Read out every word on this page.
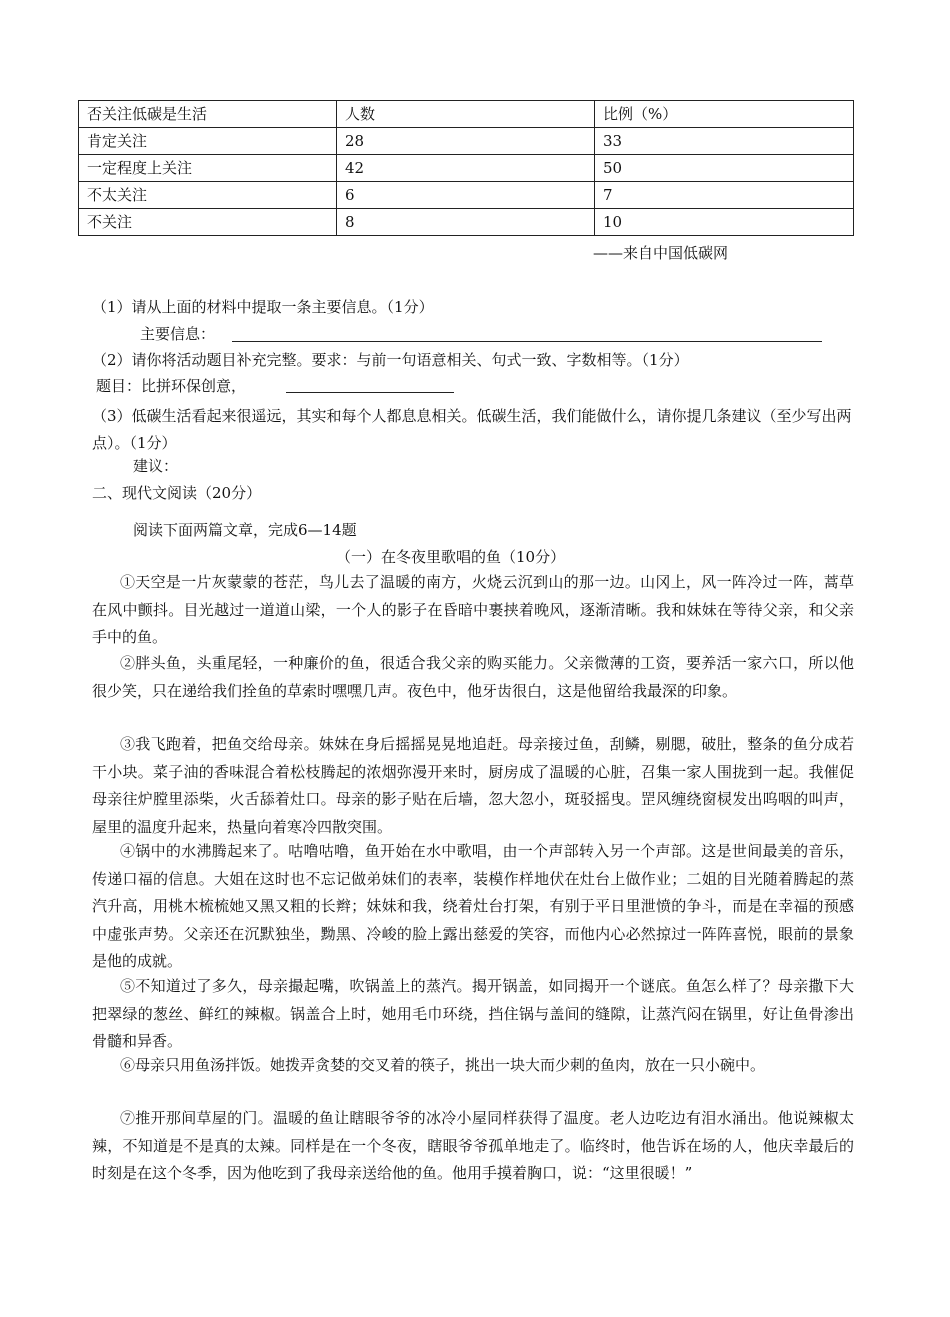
否关注低碳是生活	人数	比例（%）
肯定关注	28	33
一定程度上关注	42	50
不太关注	6	7
不关注	8	10
——来自中国低碳网
（1）请从上面的材料中提取一条主要信息。（1分）
主要信息：
（2）请你将活动题目补充完整。要求：与前一句语意相关、句式一致、字数相等。（1分）
题目：比拼环保创意，
（3）低碳生活看起来很遥远，其实和每个人都息息相关。低碳生活，我们能做什么，请你提几条建议（至少写出两点）。（1分）
建议：
二、现代文阅读（20分）
阅读下面两篇文章，完成6—14题
（一）在冬夜里歌唱的鱼（10分）
①天空是一片灰蒙蒙的苍茫，鸟儿去了温暖的南方，火烧云沉到山的那一边。山冈上，风一阵冷过一阵，蒿草在风中颤抖。目光越过一道道山梁，一个人的影子在昏暗中裹挟着晚风，逐渐清晰。我和妹妹在等待父亲，和父亲手中的鱼。
②胖头鱼，头重尾轻，一种廉价的鱼，很适合我父亲的购买能力。父亲微薄的工资，要养活一家六口，所以他很少笑，只在递给我们拴鱼的草索时嘿嘿几声。夜色中，他牙齿很白，这是他留给我最深的印象。
③我飞跑着，把鱼交给母亲。妹妹在身后摇摇晃晃地追赶。母亲接过鱼，刮鳞，剔腮，破肚，整条的鱼分成若干小块。菜子油的香味混合着松枝腾起的浓烟弥漫开来时，厨房成了温暖的心脏，召集一家人围拢到一起。我催促母亲往炉膛里添柴，火舌舔着灶口。母亲的影子贴在后墙，忽大忽小，斑驳摇曳。罡风缠绕窗棂发出呜咽的叫声，屋里的温度升起来，热量向着寒冷四散突围。
④锅中的水沸腾起来了。咕噜咕噜，鱼开始在水中歌唱，由一个声部转入另一个声部。这是世间最美的音乐，传递口福的信息。大姐在这时也不忘记做弟妹们的表率，装模作样地伏在灶台上做作业；二姐的目光随着腾起的蒸汽升高，用桃木梳梳她又黑又粗的长辫；妹妹和我，绕着灶台打架，有别于平日里泄愤的争斗，而是在幸福的预感中虚张声势。父亲还在沉默独坐，黝黑、冷峻的脸上露出慈爱的笑容，而他内心必然掠过一阵阵喜悦，眼前的景象是他的成就。
⑤不知道过了多久，母亲撮起嘴，吹锅盖上的蒸汽。揭开锅盖，如同揭开一个谜底。鱼怎么样了？母亲撒下大把翠绿的葱丝、鲜红的辣椒。锅盖合上时，她用毛巾环绕，挡住锅与盖间的缝隙，让蒸汽闷在锅里，好让鱼骨渗出骨髓和异香。
⑥母亲只用鱼汤拌饭。她拨弄贪婪的交叉着的筷子，挑出一块大而少刺的鱼肉，放在一只小碗中。
⑦推开那间草屋的门。温暖的鱼让瞎眼爷爷的冰冷小屋同样获得了温度。老人边吃边有泪水涌出。他说辣椒太辣，不知道是不是真的太辣。同样是在一个冬夜，瞎眼爷爷孤单地走了。临终时，他告诉在场的人，他庆幸最后的时刻是在这个冬季，因为他吃到了我母亲送给他的鱼。他用手摸着胸口，说：“这里很暖！”
